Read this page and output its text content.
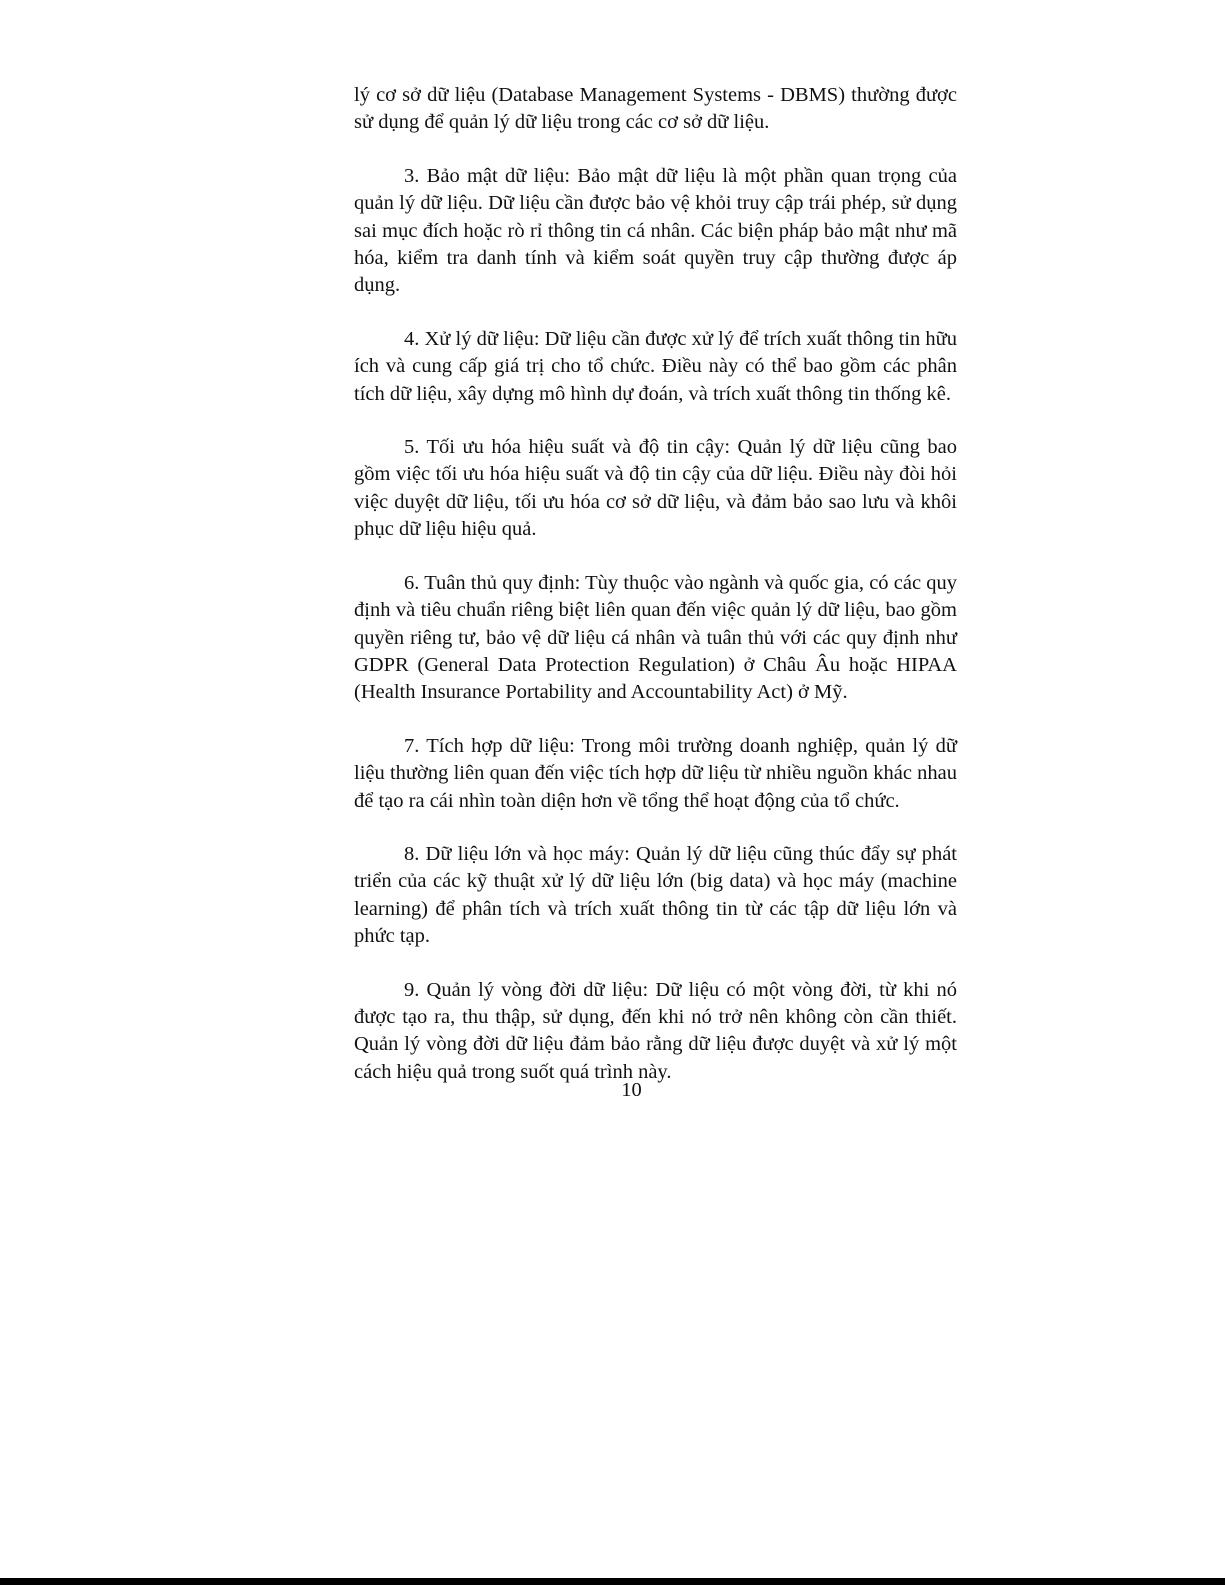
lý cơ sở dữ liệu (Database Management Systems - DBMS) thường được sử dụng để quản lý dữ liệu trong các cơ sở dữ liệu.

3. Bảo mật dữ liệu: Bảo mật dữ liệu là một phần quan trọng của quản lý dữ liệu. Dữ liệu cần được bảo vệ khỏi truy cập trái phép, sử dụng sai mục đích hoặc rò rỉ thông tin cá nhân. Các biện pháp bảo mật như mã hóa, kiểm tra danh tính và kiểm soát quyền truy cập thường được áp dụng.

4. Xử lý dữ liệu: Dữ liệu cần được xử lý để trích xuất thông tin hữu ích và cung cấp giá trị cho tổ chức. Điều này có thể bao gồm các phân tích dữ liệu, xây dựng mô hình dự đoán, và trích xuất thông tin thống kê.

5. Tối ưu hóa hiệu suất và độ tin cậy: Quản lý dữ liệu cũng bao gồm việc tối ưu hóa hiệu suất và độ tin cậy của dữ liệu. Điều này đòi hỏi việc duyệt dữ liệu, tối ưu hóa cơ sở dữ liệu, và đảm bảo sao lưu và khôi phục dữ liệu hiệu quả.

6. Tuân thủ quy định: Tùy thuộc vào ngành và quốc gia, có các quy định và tiêu chuẩn riêng biệt liên quan đến việc quản lý dữ liệu, bao gồm quyền riêng tư, bảo vệ dữ liệu cá nhân và tuân thủ với các quy định như GDPR (General Data Protection Regulation) ở Châu Âu hoặc HIPAA (Health Insurance Portability and Accountability Act) ở Mỹ.

7. Tích hợp dữ liệu: Trong môi trường doanh nghiệp, quản lý dữ liệu thường liên quan đến việc tích hợp dữ liệu từ nhiều nguồn khác nhau để tạo ra cái nhìn toàn diện hơn về tổng thể hoạt động của tổ chức.

8. Dữ liệu lớn và học máy: Quản lý dữ liệu cũng thúc đẩy sự phát triển của các kỹ thuật xử lý dữ liệu lớn (big data) và học máy (machine learning) để phân tích và trích xuất thông tin từ các tập dữ liệu lớn và phức tạp.

9. Quản lý vòng đời dữ liệu: Dữ liệu có một vòng đời, từ khi nó được tạo ra, thu thập, sử dụng, đến khi nó trở nên không còn cần thiết. Quản lý vòng đời dữ liệu đảm bảo rằng dữ liệu được duyệt và xử lý một cách hiệu quả trong suốt quá trình này.

10
